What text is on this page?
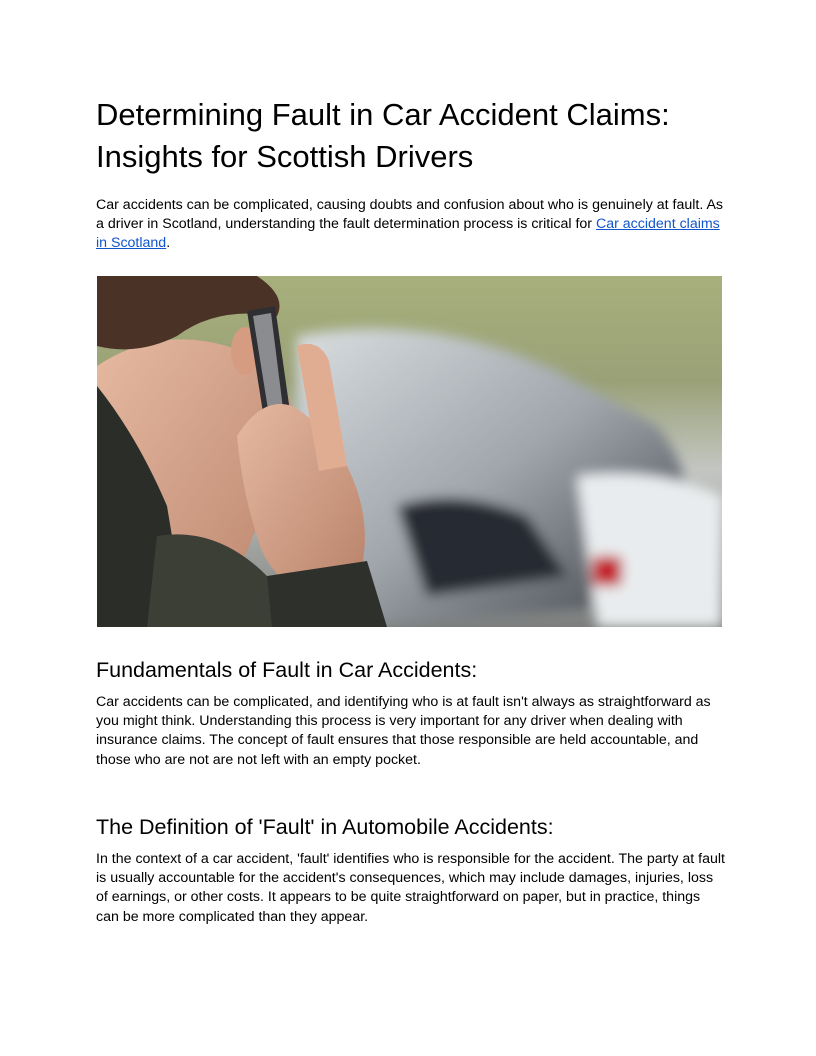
Determining Fault in Car Accident Claims:
Insights for Scottish Drivers

Car accidents can be complicated, causing doubts and confusion about who is genuinely at fault. As a driver in Scotland, understanding the fault determination process is critical for Car accident claims in Scotland.

Fundamentals of Fault in Car Accidents:

Car accidents can be complicated, and identifying who is at fault isn't always as straightforward as you might think. Understanding this process is very important for any driver when dealing with insurance claims. The concept of fault ensures that those responsible are held accountable, and those who are not are not left with an empty pocket.

The Definition of 'Fault' in Automobile Accidents:

In the context of a car accident, 'fault' identifies who is responsible for the accident. The party at fault is usually accountable for the accident's consequences, which may include damages, injuries, loss of earnings, or other costs. It appears to be quite straightforward on paper, but in practice, things can be more complicated than they appear.
